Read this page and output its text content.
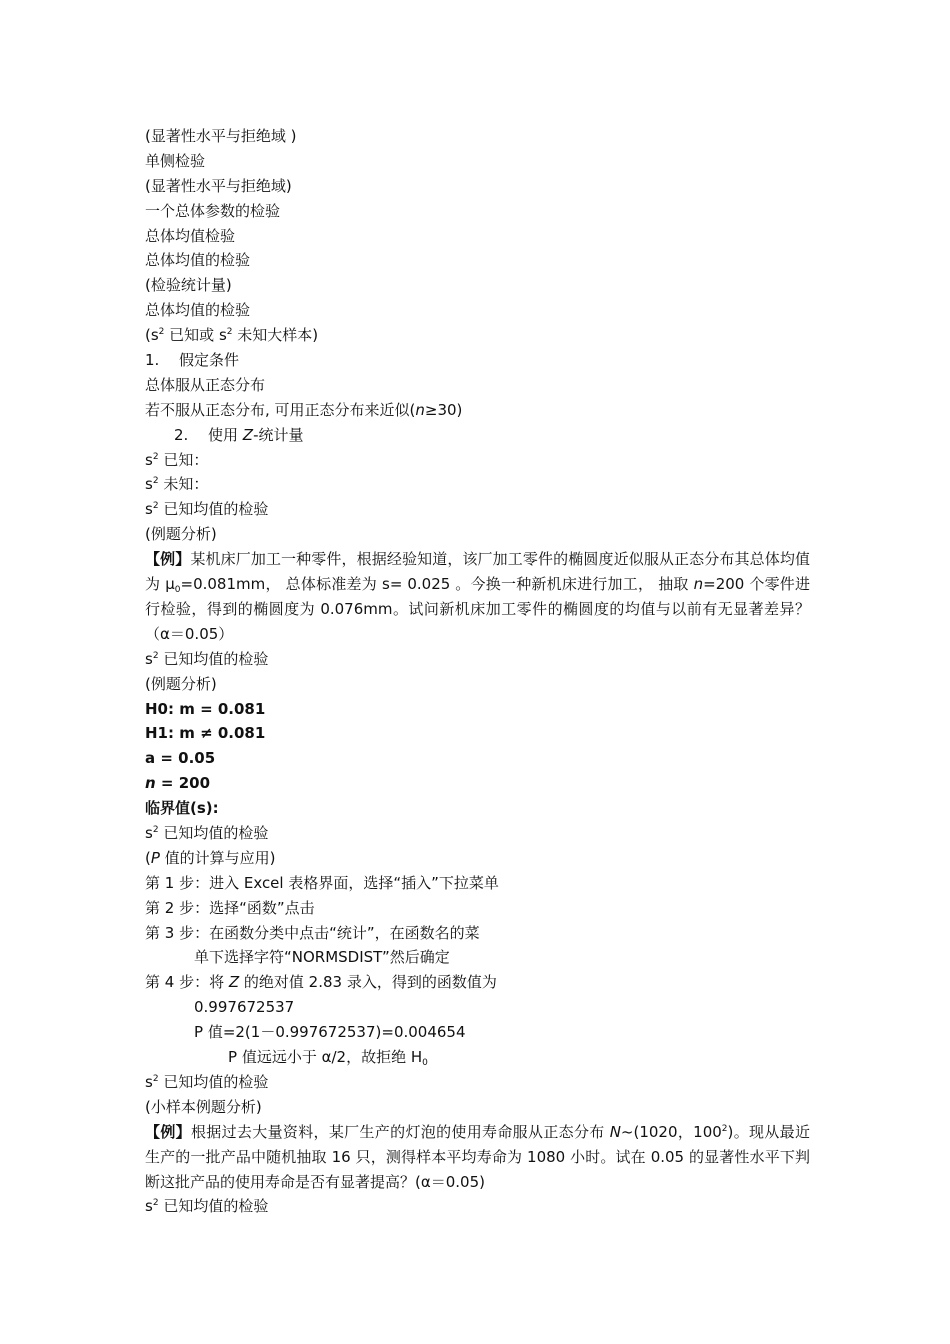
(显著性水平与拒绝域 )
单侧检验
(显著性水平与拒绝域)
一个总体参数的检验
总体均值检验
总体均值的检验
(检验统计量)
总体均值的检验
($s^2$ 已知或 $s^2$ 未知大样本)
1. 假定条件
总体服从正态分布
若不服从正态分布, 可用正态分布来近似(n≥30)
2. 使用 Z-统计量
$s^2$ 已知：
$s^2$ 未知：
$s^2$ 已知均值的检验
(例题分析)
【例】某机床厂加工一种零件，根据经验知道，该厂加工零件的椭圆度近似服从正态分布其总体均值为 $\mu_0=0.081mm$， 总体标准差为 s= 0.025 。今换一种新机床进行加工， 抽取 n=200 个零件进行检验，得到的椭圆度为 0.076mm。试问新机床加工零件的椭圆度的均值与以前有无显著差异？（α＝0.05）
$s^2$ 已知均值的检验
(例题分析)
H0: m = 0.081
H1: m ≠ 0.081
a = 0.05
n = 200
临界值(s):
$s^2$ 已知均值的检验
(P 值的计算与应用)
第 1 步：进入 Excel 表格界面，选择“插入”下拉菜单
第 2 步：选择“函数”点击
第 3 步：在函数分类中点击“统计”，在函数名的菜
单下选择字符“NORMSDIST”然后确定
第 4 步：将 Z 的绝对值 2.83 录入，得到的函数值为
0.997672537
P 值=2(1－0.997672537)=0.004654
P 值远远小于 α/2，故拒绝 $H_0$
$s^2$ 已知均值的检验
(小样本例题分析)
【例】根据过去大量资料，某厂生产的灯泡的使用寿命服从正态分布 N~(1020，$100^2$)。现从最近生产的一批产品中随机抽取 16 只，测得样本平均寿命为 1080 小时。试在 0.05 的显著性水平下判断这批产品的使用寿命是否有显著提高？(α＝0.05)
$s^2$ 已知均值的检验
